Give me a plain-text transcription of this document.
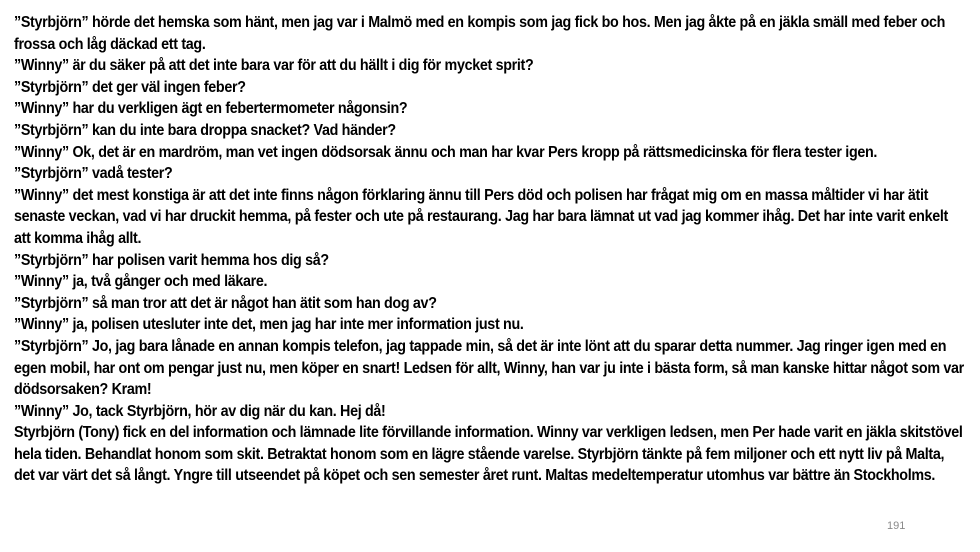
”Styrbjörn” hörde det hemska som hänt, men jag var i Malmö med en kompis som jag fick bo hos. Men jag åkte på en jäkla smäll med feber och frossa och låg däckad ett tag.

”Winny” är du säker på att det inte bara var för att du hällt i dig för mycket sprit?

”Styrbjörn” det ger väl ingen feber?

”Winny” har du verkligen ägt en febertermometer någonsin?

”Styrbjörn” kan du inte bara droppa snacket? Vad händer?

”Winny” Ok, det är en mardröm, man vet ingen dödsorsak ännu och man har kvar Pers kropp på rättsmedicinska för flera tester igen.

”Styrbjörn” vadå tester?

”Winny” det mest konstiga är att det inte finns någon förklaring ännu till Pers död och polisen har frågat mig om en massa måltider vi har ätit senaste veckan, vad vi har druckit hemma, på fester och ute på restaurang. Jag har bara lämnat ut vad jag kommer ihåg. Det har inte varit enkelt att komma ihåg allt.

”Styrbjörn” har polisen varit hemma hos dig så?

”Winny” ja, två gånger och med läkare.

”Styrbjörn” så man tror att det är något han ätit som han dog av?

”Winny” ja, polisen utesluter inte det, men jag har inte mer information just nu.

”Styrbjörn” Jo, jag bara lånade en annan kompis telefon, jag tappade min, så det är inte lönt att du sparar detta nummer. Jag ringer igen med en egen mobil, har ont om pengar just nu, men köper en snart! Ledsen för allt, Winny, han var ju inte i bästa form, så man kanske hittar något som var dödsorsaken? Kram!

”Winny” Jo, tack Styrbjörn, hör av dig när du kan. Hej då!

Styrbjörn (Tony) fick en del information och lämnade lite förvillande information. Winny var verkligen ledsen, men Per hade varit en jäkla skitstövel hela tiden. Behandlat honom som skit. Betraktat honom som en lägre stående varelse. Styrbjörn tänkte på fem miljoner och ett nytt liv på Malta, det var värt det så långt. Yngre till utseendet på köpet och sen semester året runt. Maltas medeltemperatur utomhus var bättre än Stockholms.

191
